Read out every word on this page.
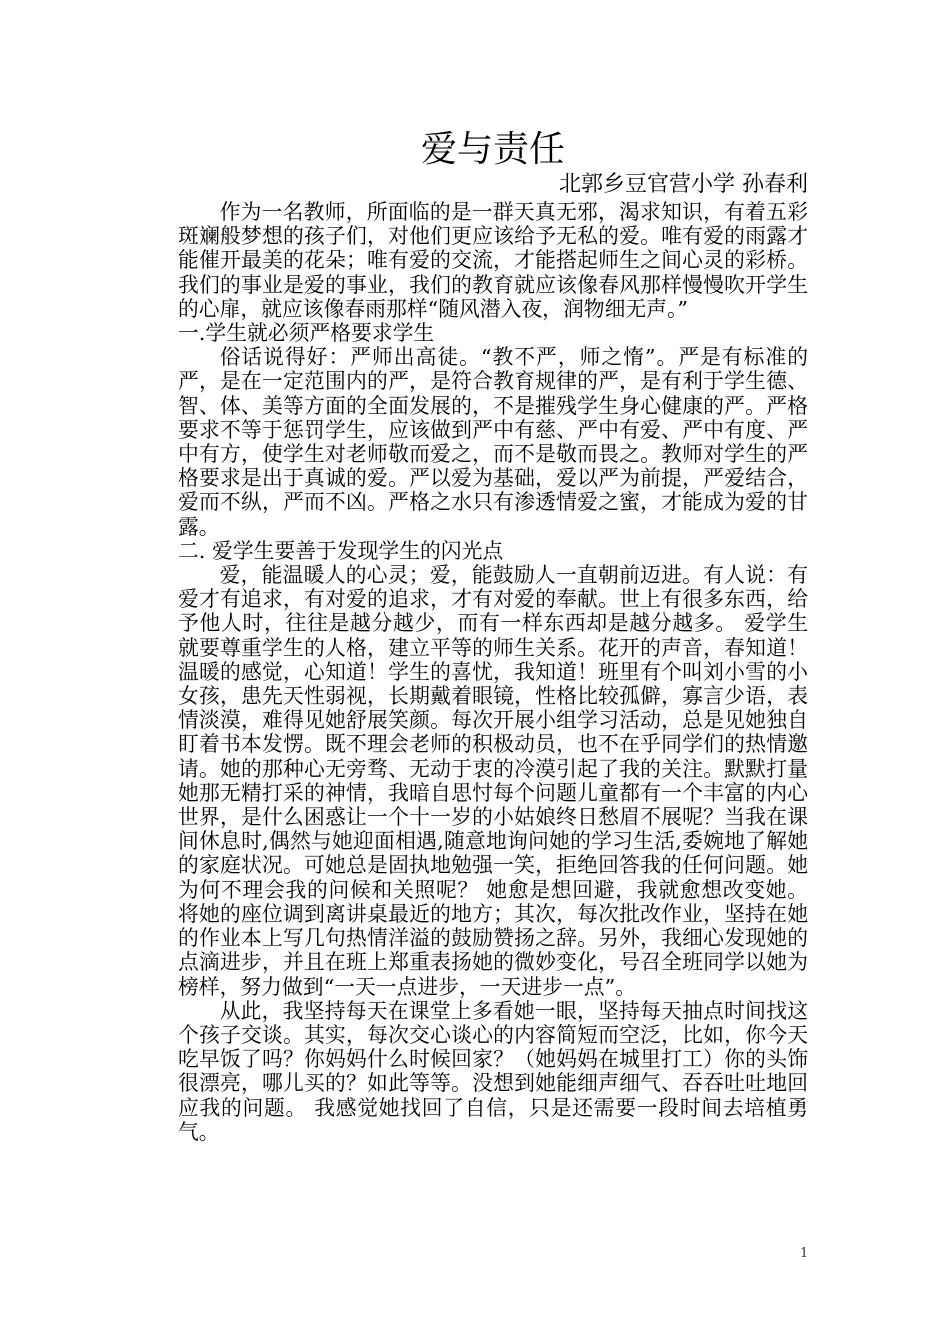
爱与责任

北郭乡豆官营小学 孙春利

作为一名教师，所面临的是一群天真无邪，渴求知识，有着五彩斑斓般梦想的孩子们，对他们更应该给予无私的爱。唯有爱的雨露才能催开最美的花朵；唯有爱的交流，才能搭起师生之间心灵的彩桥。 我们的事业是爱的事业，我们的教育就应该像春风那样慢慢吹开学生的心扉，就应该像春雨那样“随风潜入夜，润物细无声。”

一.学生就必须严格要求学生

俗话说得好：严师出高徒。“教不严，师之惰”。严是有标准的严，是在一定范围内的严，是符合教育规律的严，是有利于学生德、智、体、美等方面的全面发展的，不是摧残学生身心健康的严。严格要求不等于惩罚学生，应该做到严中有慈、严中有爱、严中有度、严中有方，使学生对老师敬而爱之，而不是敬而畏之。教师对学生的严格要求是出于真诚的爱。严以爱为基础，爱以严为前提，严爱结合，爱而不纵，严而不凶。严格之水只有渗透情爱之蜜，才能成为爱的甘露。

二. 爱学生要善于发现学生的闪光点

爱，能温暖人的心灵；爱，能鼓励人一直朝前迈进。有人说：有爱才有追求，有对爱的追求，才有对爱的奉献。世上有很多东西，给予他人时，往往是越分越少，而有一样东西却是越分越多。 爱学生就要尊重学生的人格，建立平等的师生关系。花开的声音，春知道！温暖的感觉，心知道！学生的喜忧，我知道！班里有个叫刘小雪的小女孩，患先天性弱视，长期戴着眼镜，性格比较孤僻，寡言少语，表情淡漠，难得见她舒展笑颜。每次开展小组学习活动，总是见她独自盯着书本发愣。既不理会老师的积极动员，也不在乎同学们的热情邀请。她的那种心无旁骛、无动于衷的冷漠引起了我的关注。默默打量她那无精打采的神情，我暗自思忖每个问题儿童都有一个丰富的内心世界，是什么困惑让一个十一岁的小姑娘终日愁眉不展呢？当我在课间休息时,偶然与她迎面相遇,随意地询问她的学习生活,委婉地了解她的家庭状况。可她总是固执地勉强一笑，拒绝回答我的任何问题。她为何不理会我的问候和关照呢？ 她愈是想回避，我就愈想改变她。将她的座位调到离讲桌最近的地方；其次，每次批改作业，坚持在她的作业本上写几句热情洋溢的鼓励赞扬之辞。另外，我细心发现她的点滴进步，并且在班上郑重表扬她的微妙变化，号召全班同学以她为榜样，努力做到“一天一点进步，一天进步一点”。

从此，我坚持每天在课堂上多看她一眼，坚持每天抽点时间找这个孩子交谈。其实，每次交心谈心的内容简短而空泛，比如，你今天吃早饭了吗？你妈妈什么时候回家？（她妈妈在城里打工）你的头饰很漂亮，哪儿买的？如此等等。没想到她能细声细气、吞吞吐吐地回应我的问题。 我感觉她找回了自信，只是还需要一段时间去培植勇气。

1
